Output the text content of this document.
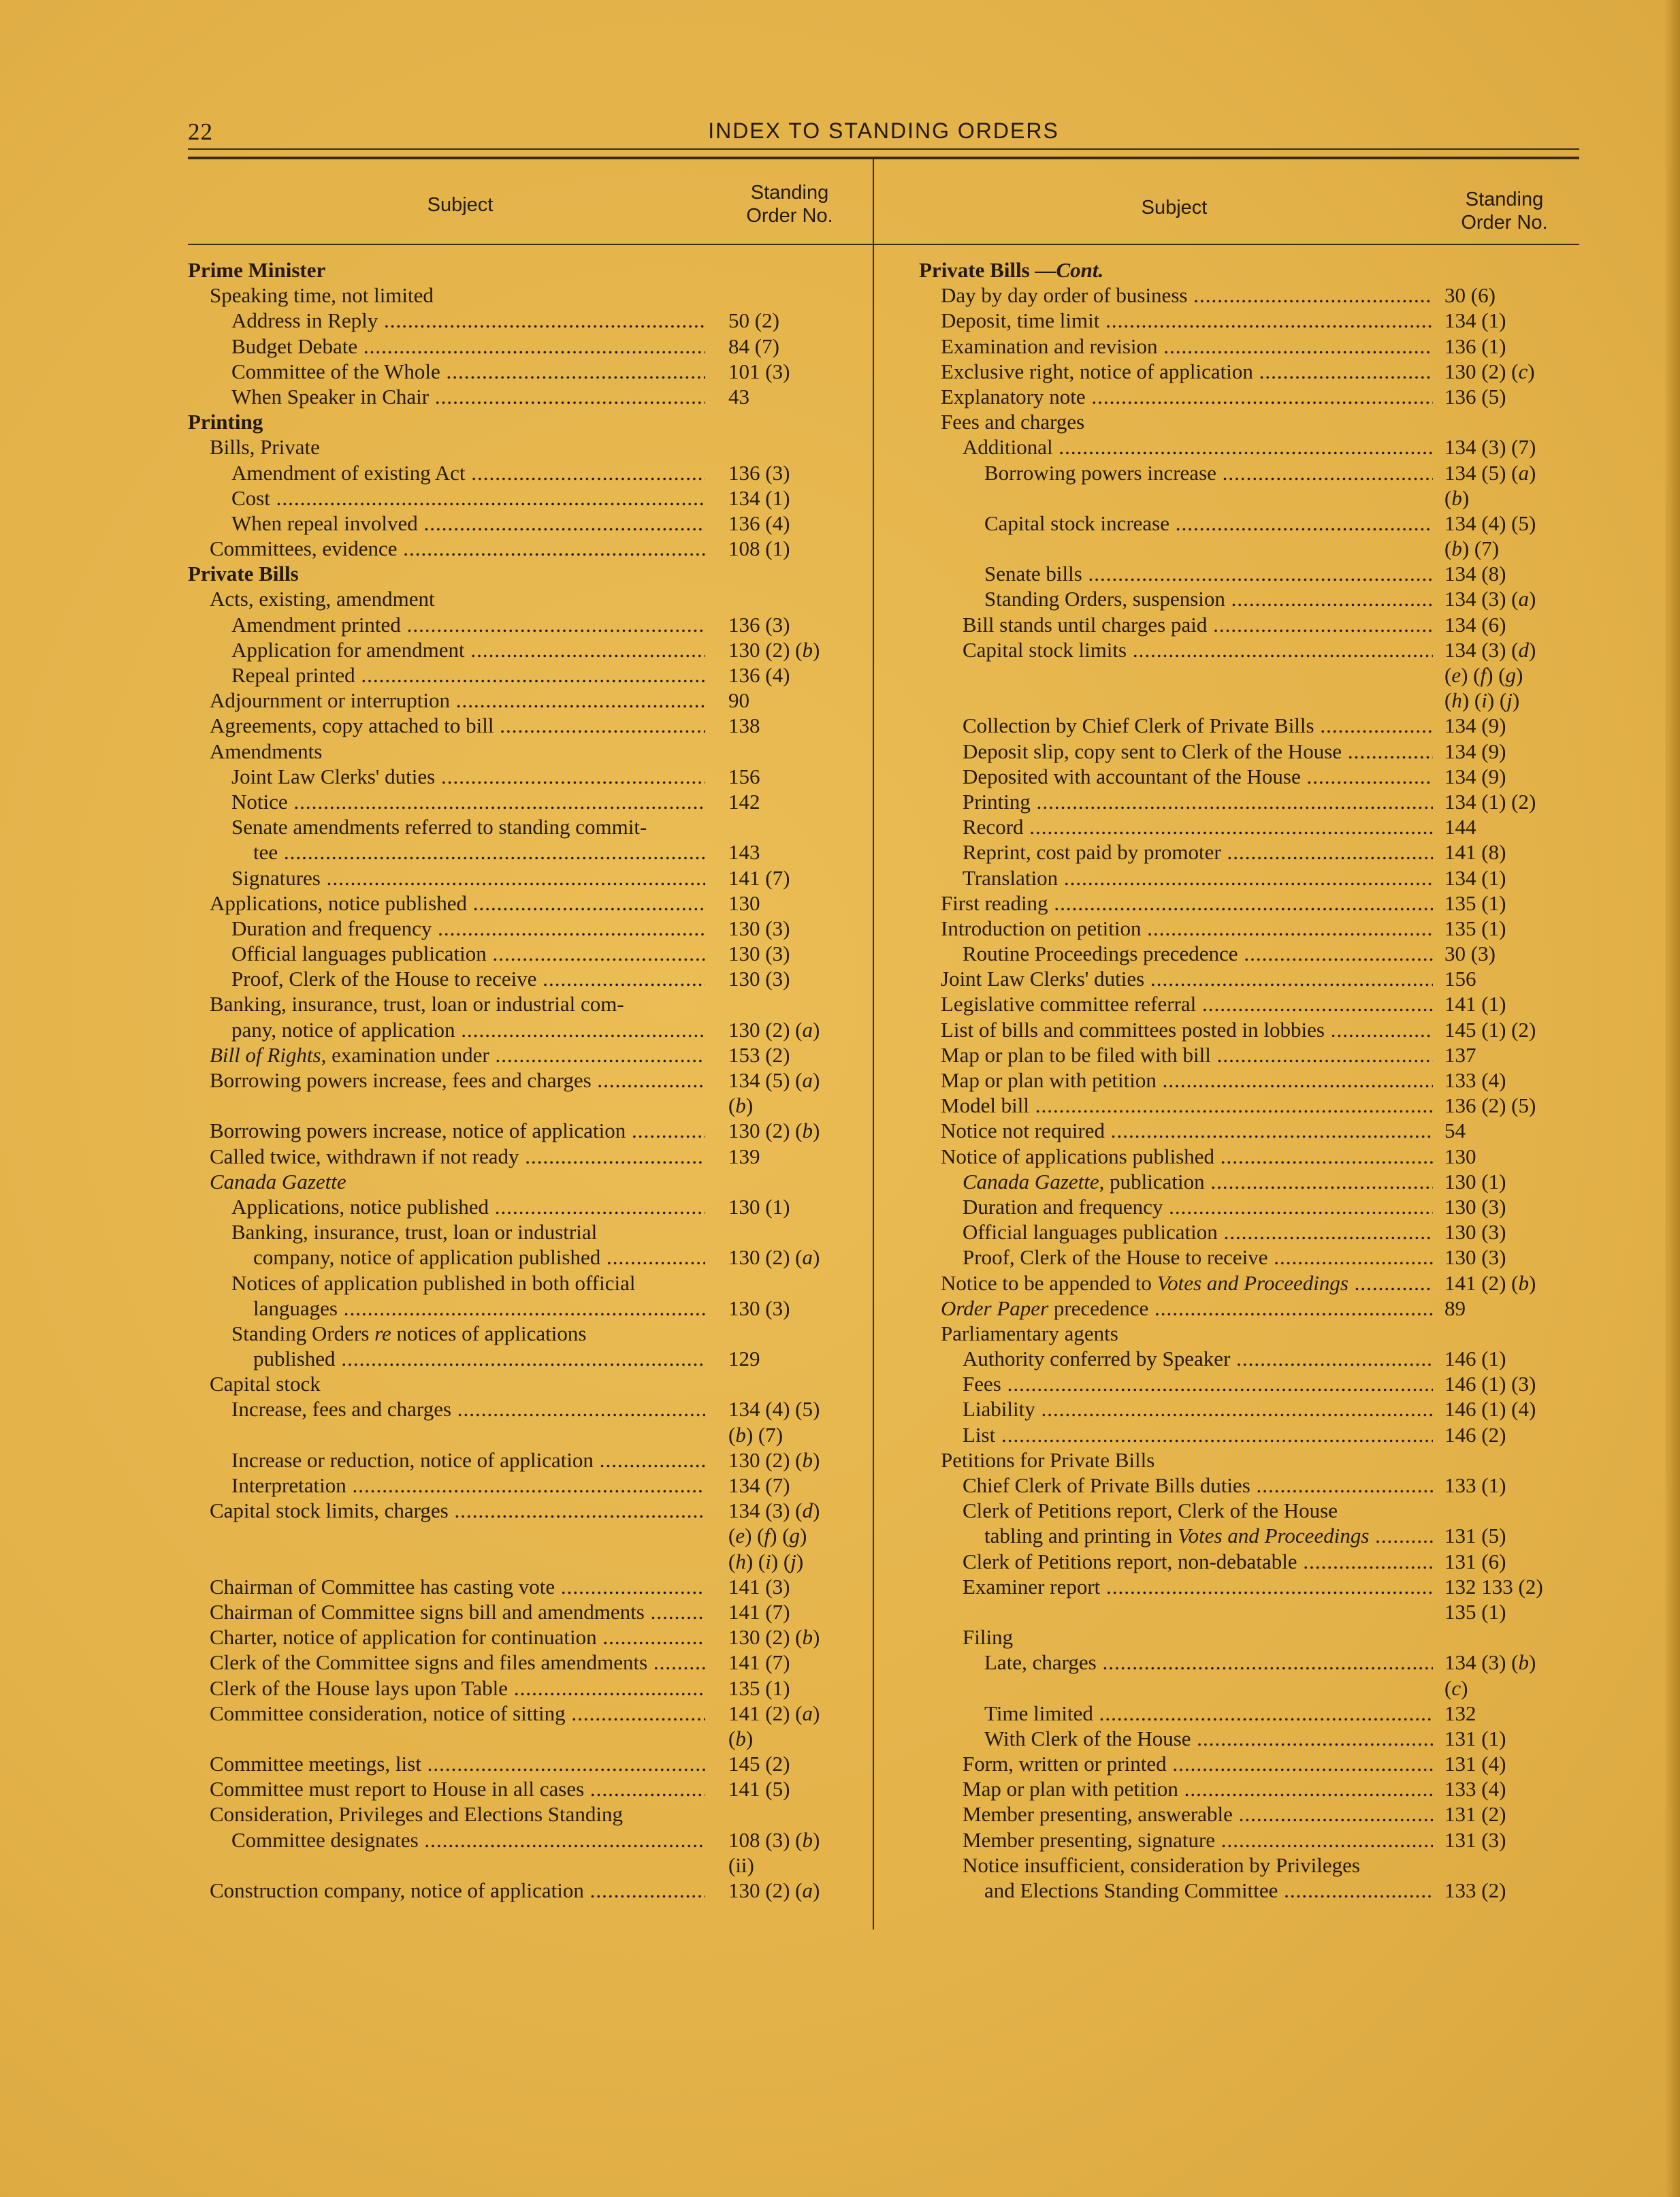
22	INDEX TO STANDING ORDERS
Subject
Standing
Order No.	Subject	Standing
Order No.
Prime Minister
Speaking time, not limited
Address in Reply .....	50 (2)
Budget Debate .....	84 (7)
Committee of the Whole .....	101 (3)
When Speaker in Chair .....	43
Printing
Bills, Private
Amendment of existing Act .....	136 (3)
Cost .....	134 (1)
When repeal involved .....	136 (4)
Committees, evidence .....	108 (1)
Private Bills
Acts, existing, amendment
Amendment printed .....	136 (3)
Application for amendment .....	130 (2) (b)
Repeal printed .....	136 (4)
Adjournment or interruption .....	90
Agreements, copy attached to bill .....	138
Amendments
Joint Law Clerks' duties .....	156
Notice .....	142
Senate amendments referred to standing commit-
tee .....	143
Signatures .....	141 (7)
Applications, notice published .....	130
Duration and frequency .....	130 (3)
Official languages publication .....	130 (3)
Proof, Clerk of the House to receive .....	130 (3)
Banking, insurance, trust, loan or industrial com-
pany, notice of application .....	130 (2) (a)
Bill of Rights, examination under .....	153 (2)
Borrowing powers increase, fees and charges .....	134 (5) (a)

(b)
Borrowing powers increase, notice of application .....	130 (2) (b)
Called twice, withdrawn if not ready .....	139
Canada Gazette
Applications, notice published .....	130 (1)
Banking, insurance, trust, loan or industrial
company, notice of application published .....	130 (2) (a)
Notices of application published in both official
languages .....	130 (3)
Standing Orders re notices of applications
published .....	129
Capital stock
Increase, fees and charges .....	134 (4) (5)

(b) (7)
Increase or reduction, notice of application .....	130 (2) (b)
Interpretation .....	134 (7)
Capital stock limits, charges .....	134 (3) (d)

(e) (f) (g)

(h) (i) (j)
Chairman of Committee has casting vote .....	141 (3)
Chairman of Committee signs bill and amendments .....	141 (7)
Charter, notice of application for continuation .....	130 (2) (b)
Clerk of the Committee signs and files amendments .....	141 (7)
Clerk of the House lays upon Table .....	135 (1)
Committee consideration, notice of sitting .....	141 (2) (a)

(b)
Committee meetings, list .....	145 (2)
Committee must report to House in all cases .....	141 (5)
Consideration, Privileges and Elections Standing
Committee designates .....	108 (3) (b)

(ii)
Construction company, notice of application .....	130 (2) (a)
Private Bills —Cont.
Day by day order of business .....	30 (6)
Deposit, time limit .....	134 (1)
Examination and revision .....	136 (1)
Exclusive right, notice of application .....	130 (2) (c)
Explanatory note .....	136 (5)
Fees and charges
Additional .....	134 (3) (7)
Borrowing powers increase .....	134 (5) (a)

(b)
Capital stock increase .....	134 (4) (5)

(b) (7)
Senate bills .....	134 (8)
Standing Orders, suspension .....	134 (3) (a)
Bill stands until charges paid .....	134 (6)
Capital stock limits .....	134 (3) (d)

(e) (f) (g)

(h) (i) (j)
Collection by Chief Clerk of Private Bills .....	134 (9)
Deposit slip, copy sent to Clerk of the House .....	134 (9)
Deposited with accountant of the House .....	134 (9)
Printing .....	134 (1) (2)
Record .....	144
Reprint, cost paid by promoter .....	141 (8)
Translation .....	134 (1)
First reading .....	135 (1)
Introduction on petition .....	135 (1)
Routine Proceedings precedence .....	30 (3)
Joint Law Clerks' duties .....	156
Legislative committee referral .....	141 (1)
List of bills and committees posted in lobbies .....	145 (1) (2)
Map or plan to be filed with bill .....	137
Map or plan with petition .....	133 (4)
Model bill .....	136 (2) (5)
Notice not required .....	54
Notice of applications published .....	130
Canada Gazette, publication .....	130 (1)
Duration and frequency .....	130 (3)
Official languages publication .....	130 (3)
Proof, Clerk of the House to receive .....	130 (3)
Notice to be appended to Votes and Proceedings .....	141 (2) (b)
Order Paper precedence .....	89
Parliamentary agents
Authority conferred by Speaker .....	146 (1)
Fees .....	146 (1) (3)
Liability .....	146 (1) (4)
List .....	146 (2)
Petitions for Private Bills
Chief Clerk of Private Bills duties .....	133 (1)
Clerk of Petitions report, Clerk of the House
tabling and printing in Votes and Proceedings .....	131 (5)
Clerk of Petitions report, non-debatable .....	131 (6)
Examiner report .....	132 133 (2)

135 (1)
Filing
Late, charges .....	134 (3) (b)

(c)
Time limited .....	132
With Clerk of the House .....	131 (1)
Form, written or printed .....	131 (4)
Map or plan with petition .....	133 (4)
Member presenting, answerable .....	131 (2)
Member presenting, signature .....	131 (3)
Notice insufficient, consideration by Privileges
and Elections Standing Committee .....	133 (2)
